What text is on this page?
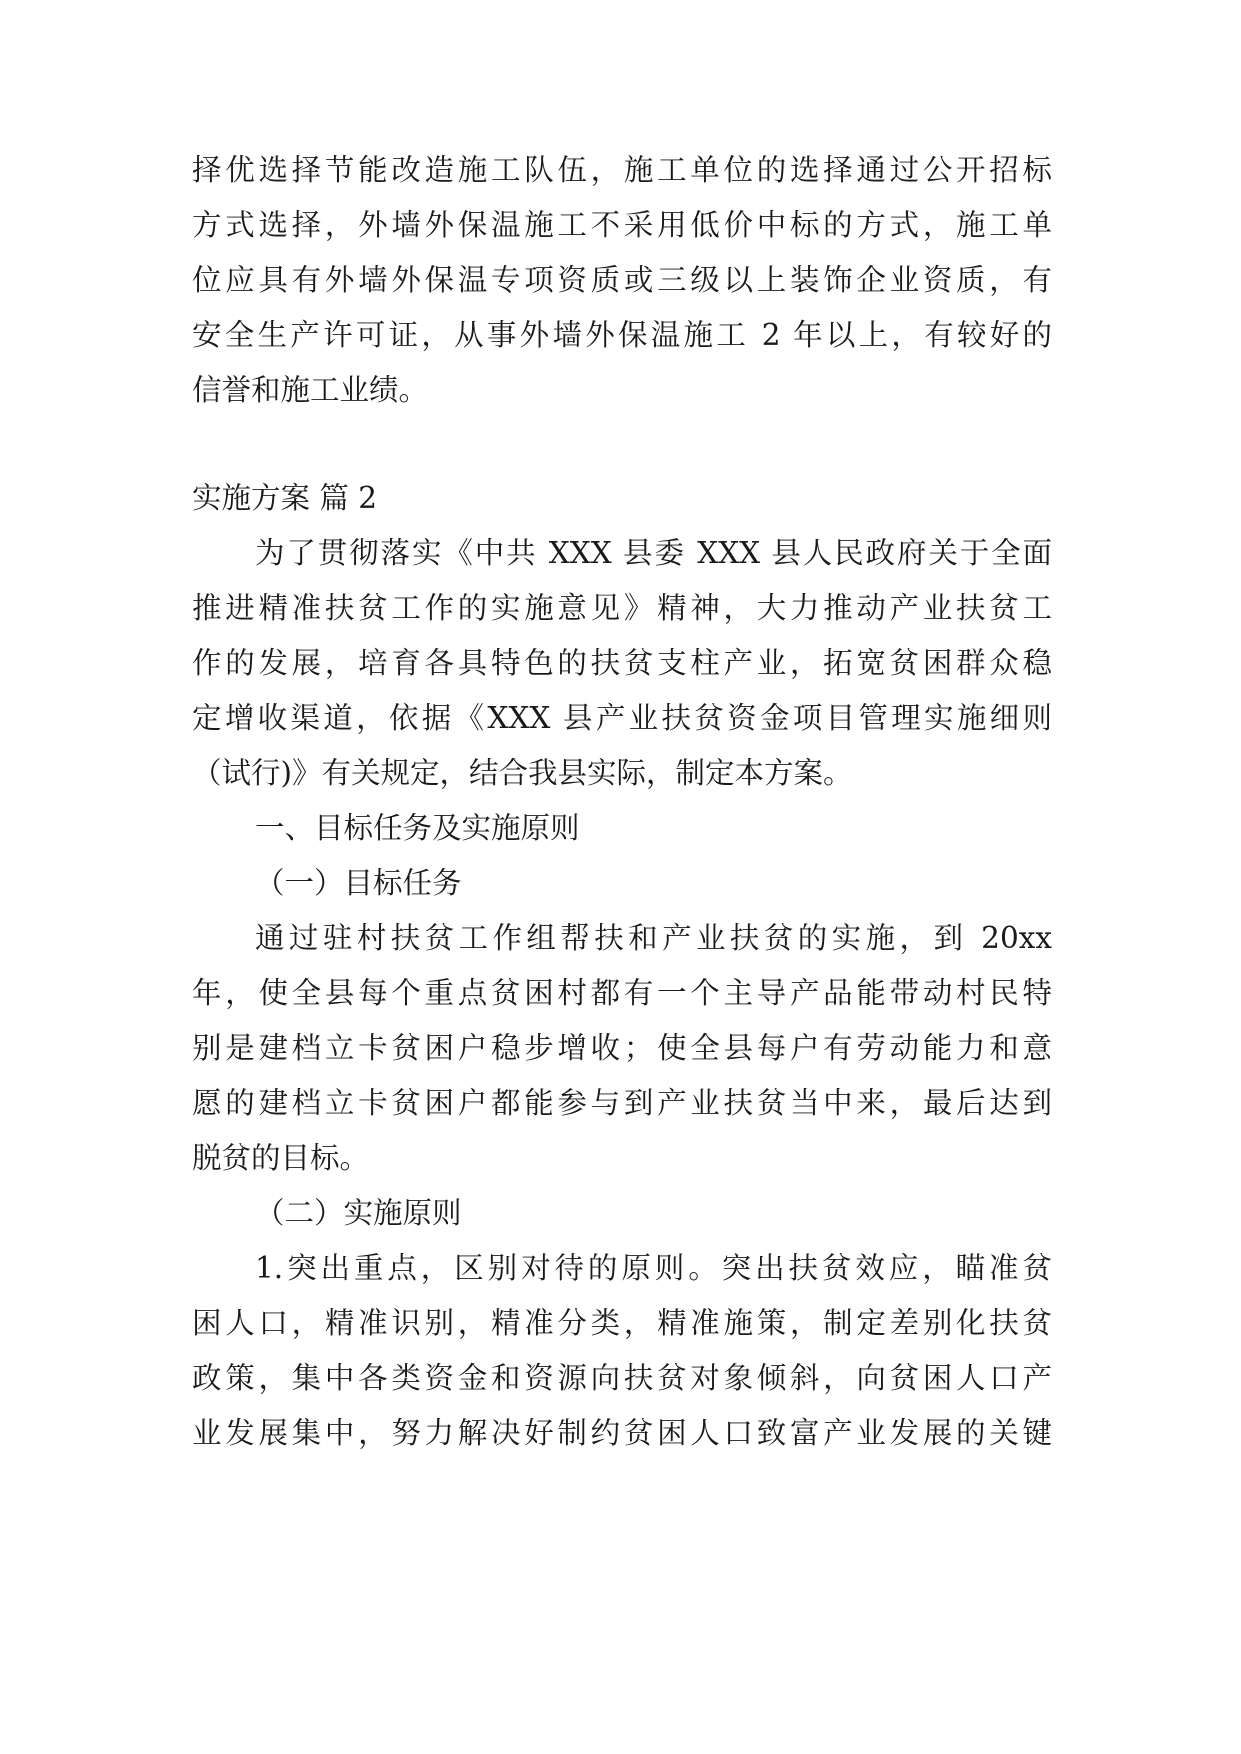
择优选择节能改造施工队伍，施工单位的选择通过公开招标
方式选择，外墙外保温施工不采用低价中标的方式，施工单
位应具有外墙外保温专项资质或三级以上装饰企业资质，有
安全生产许可证，从事外墙外保温施工 2 年以上，有较好的
信誉和施工业绩。
实施方案 篇 2
为了贯彻落实《中共 XXX 县委 XXX 县人民政府关于全面
推进精准扶贫工作的实施意见》精神，大力推动产业扶贫工
作的发展，培育各具特色的扶贫支柱产业，拓宽贫困群众稳
定增收渠道，依据《XXX 县产业扶贫资金项目管理实施细则
（试行)》有关规定，结合我县实际，制定本方案。
一、目标任务及实施原则
（一）目标任务
通过驻村扶贫工作组帮扶和产业扶贫的实施，到 20xx
年，使全县每个重点贫困村都有一个主导产品能带动村民特
别是建档立卡贫困户稳步增收；使全县每户有劳动能力和意
愿的建档立卡贫困户都能参与到产业扶贫当中来，最后达到
脱贫的目标。
（二）实施原则
1.突出重点，区别对待的原则。突出扶贫效应，瞄准贫
困人口，精准识别，精准分类，精准施策，制定差别化扶贫
政策，集中各类资金和资源向扶贫对象倾斜，向贫困人口产
业发展集中，努力解决好制约贫困人口致富产业发展的关键
